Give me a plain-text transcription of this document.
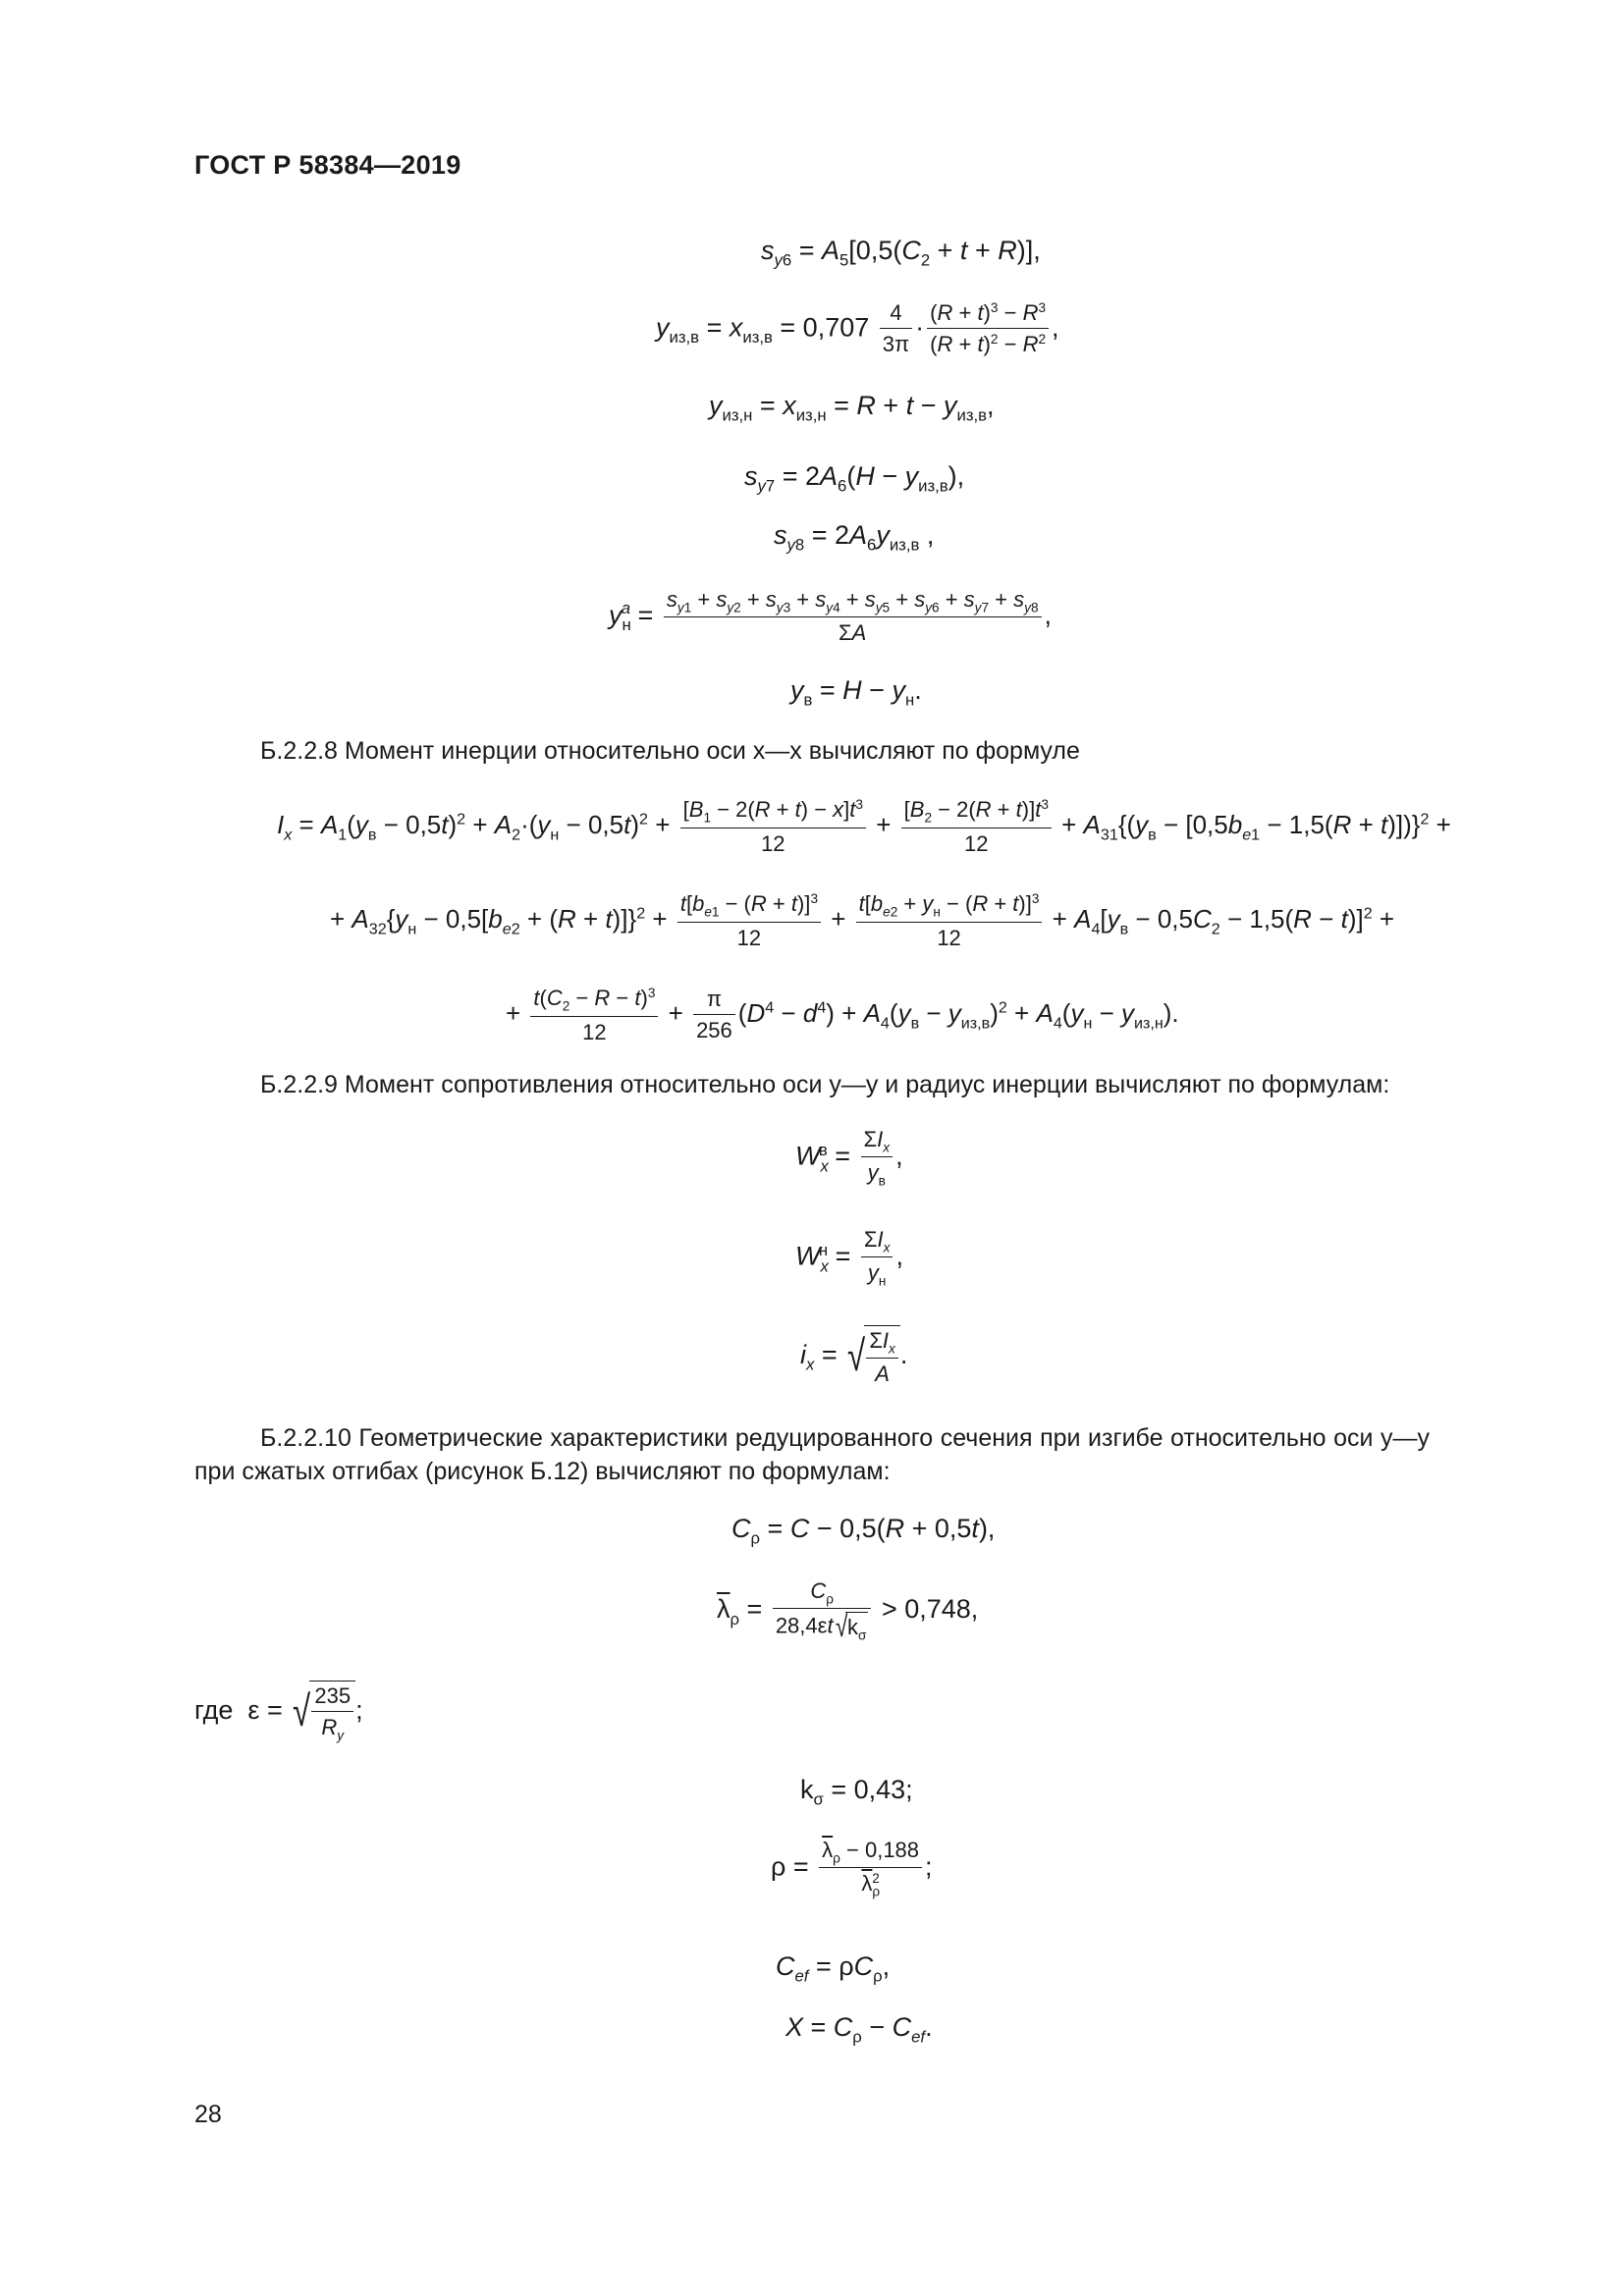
ГОСТ Р 58384—2019
$s_{y6} = A_5[0,5(C_2 + t + R)]$,
$y_{из,в} = x_{из,в} = 0,707 \frac{4}{3\pi} \cdot \frac{(R + t)^3 - R^3}{(R + t)^2 - R^2}$ ,
$y_{из,н} = x_{из,н} = R + t - y_{из,в}$,
$s_{y7} = 2A_6(H - y_{из,в})$,
$s_{y8} = 2A_6y_{из,в}$ ,
$y_н^a = \frac{s_{y1} + s_{y2} + s_{y3} + s_{y4} + s_{y5} + s_{y6} + s_{y7} + s_{y8}}{\Sigma A}$ ,
$y_в = H - y_н$.
Б.2.2.8 Момент инерции относительно оси x—x вычисляют по формуле
$I_x = A_1(y_в - 0,5t)^2 + A_2\cdot(y_н - 0,5t)^2 + \frac{[B_1 - 2(R + t) - x]t^3}{12} + \frac{[B_2 - 2(R + t)]t^3}{12} + A_{31}\{(y_в - [0,5b_{e1} - 1,5(R + t)])\}^2$ +
+ $A_{32}\{y_н - 0,5[b_{e2} + (R + t)]\}^2 + \frac{t[b_{e1} - (R + t)]^3}{12} + \frac{t[b_{e2} + y_н - (R + t)]^3}{12} + A_4[y_в - 0,5C_2 - 1,5(R - t)]^2$ +
+ $\frac{t(C_2 - R - t)^3}{12} + \frac{\pi}{256} (D^4 - d^4) + A_4(y_в - y_{из,в})^2 + A_4(y_н - y_{из,н})$.
Б.2.2.9 Момент сопротивления относительно оси y—y и радиус инерции вычисляют по формулам:
$W_x^в = \frac{\Sigma I_x}{y_в}$ ,
$W_x^н = \frac{\Sigma I_x}{y_н}$ ,
$i_x$ = √ $\frac{\Sigma I_x}{A}$ .
Б.2.2.10 Геометрические характеристики редуцированного сечения при изгибе относительно оси y—y при сжатых отгибах (рисунок Б.12) вычисляют по формулам:
$C_\rho = C - 0,5(R + 0,5t)$,
$\overline{\lambda}_\rho = \frac{C_\rho}{28,4\varepsilon t√k_\sigma} > 0,748$,
где  ε = √ $\frac{235}{R_y}$ ;
$k_\sigma = 0,43$;
$\rho = \frac{\overline{\lambda}_\rho - 0,188}{\overline{\lambda}_\rho^2}$ ;
$C_{ef} = \rho C_\rho$,
$X = C_\rho - C_{ef}$.
28
